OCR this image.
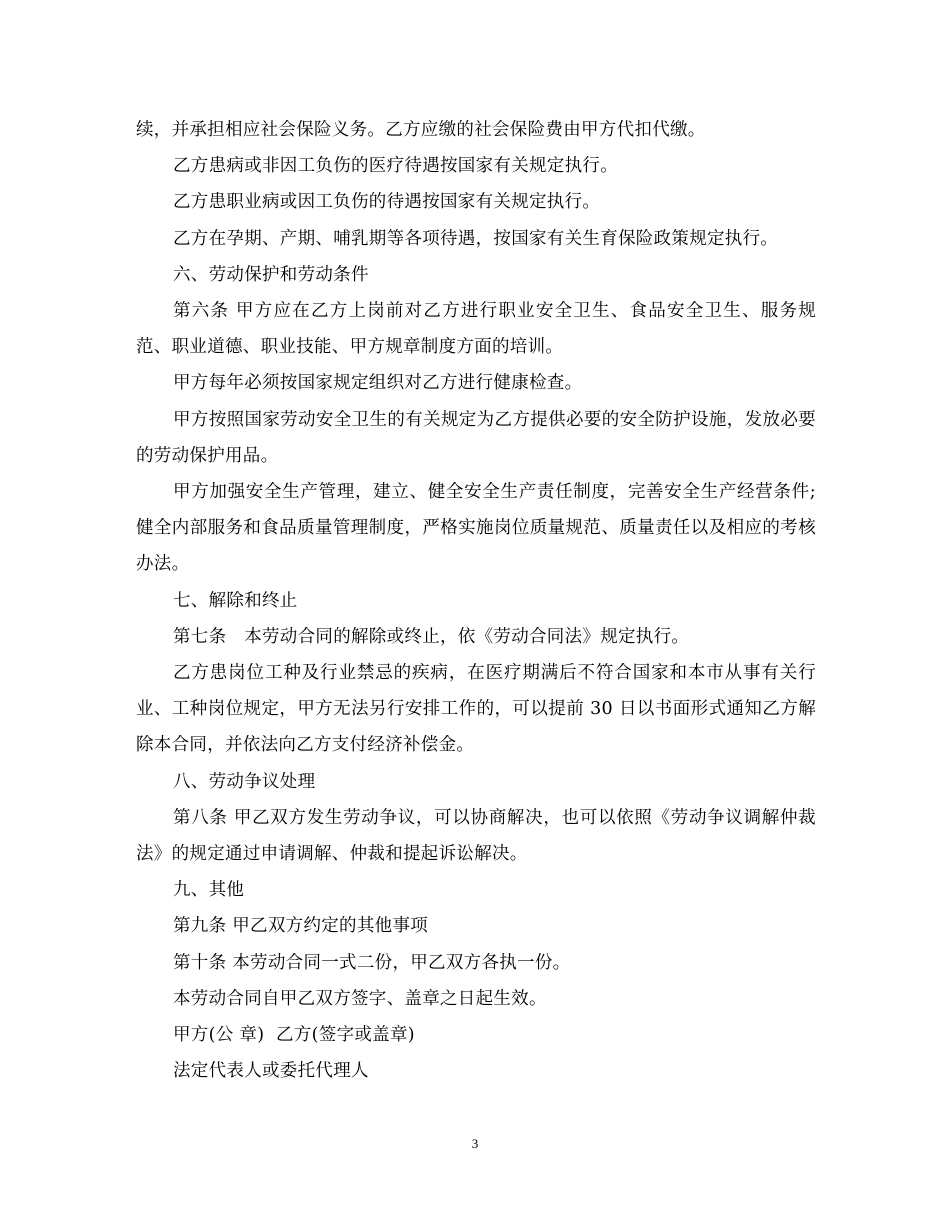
续，并承担相应社会保险义务。乙方应缴的社会保险费由甲方代扣代缴。

乙方患病或非因工负伤的医疗待遇按国家有关规定执行。

乙方患职业病或因工负伤的待遇按国家有关规定执行。

乙方在孕期、产期、哺乳期等各项待遇，按国家有关生育保险政策规定执行。

六、劳动保护和劳动条件

第六条 甲方应在乙方上岗前对乙方进行职业安全卫生、食品安全卫生、服务规范、职业道德、职业技能、甲方规章制度方面的培训。

甲方每年必须按国家规定组织对乙方进行健康检查。

甲方按照国家劳动安全卫生的有关规定为乙方提供必要的安全防护设施，发放必要的劳动保护用品。

甲方加强安全生产管理，建立、健全安全生产责任制度，完善安全生产经营条件;健全内部服务和食品质量管理制度，严格实施岗位质量规范、质量责任以及相应的考核办法。

七、解除和终止

第七条　本劳动合同的解除或终止，依《劳动合同法》规定执行。

乙方患岗位工种及行业禁忌的疾病，在医疗期满后不符合国家和本市从事有关行业、工种岗位规定，甲方无法另行安排工作的，可以提前 30 日以书面形式通知乙方解除本合同，并依法向乙方支付经济补偿金。

八、劳动争议处理

第八条 甲乙双方发生劳动争议，可以协商解决，也可以依照《劳动争议调解仲裁法》的规定通过申请调解、仲裁和提起诉讼解决。

九、其他

第九条 甲乙双方约定的其他事项

第十条 本劳动合同一式二份，甲乙双方各执一份。

本劳动合同自甲乙双方签字、盖章之日起生效。

甲方(公 章)  乙方(签字或盖章)

法定代表人或委托代理人

3
